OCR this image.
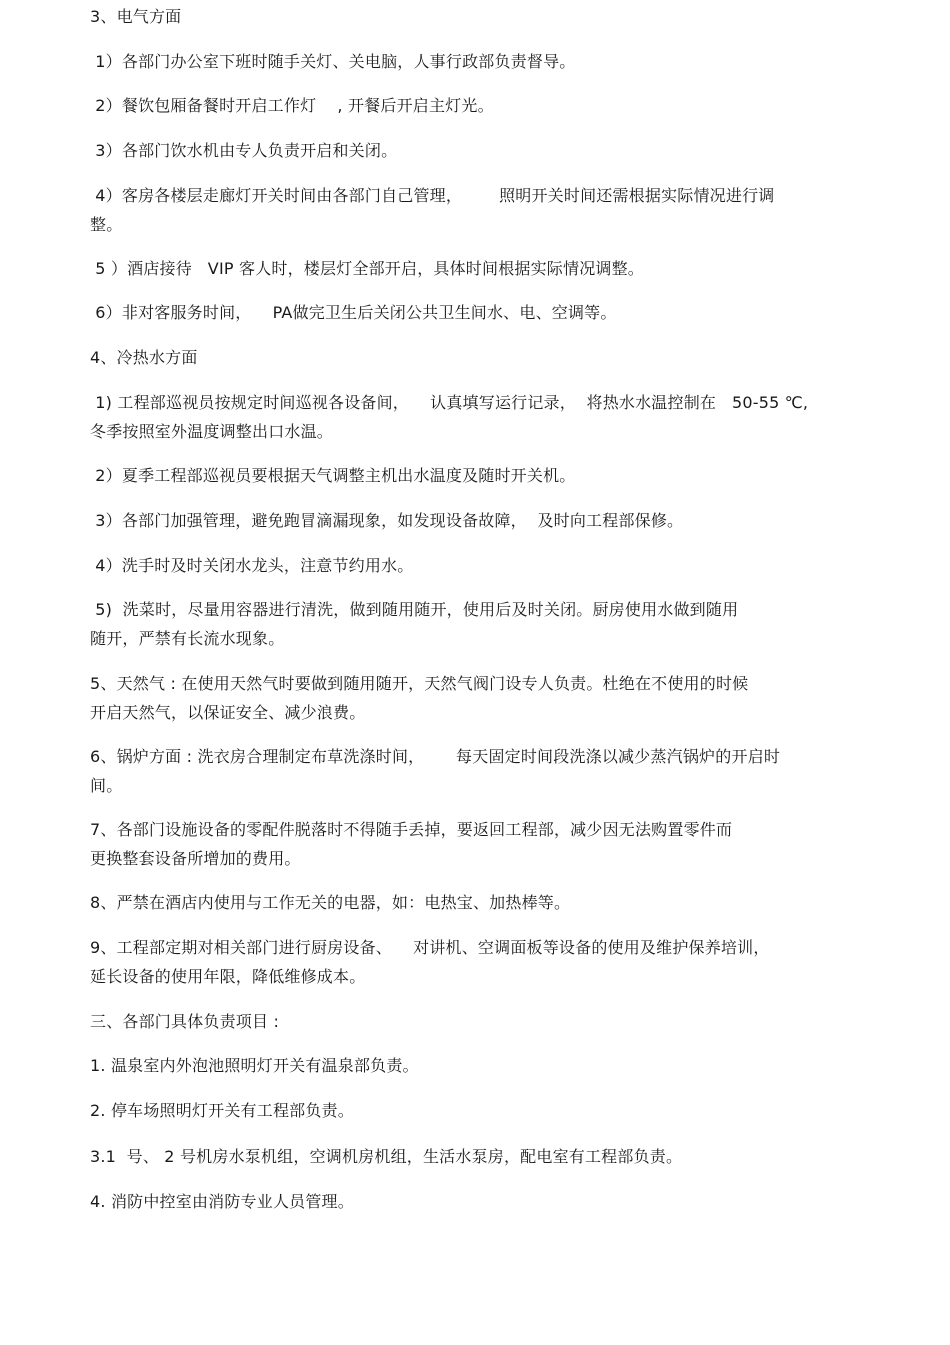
3、电气方面
1）各部门办公室下班时随手关灯、关电脑，人事行政部负责督导。
2）餐饮包厢备餐时开启工作灯    , 开餐后开启主灯光。
3）各部门饮水机由专人负责开启和关闭。
4）客房各楼层走廊灯开关时间由各部门自己管理，       照明开关时间还需根据实际情况进行调
整。
5 ）酒店接待   VIP 客人时，楼层灯全部开启，具体时间根据实际情况调整。
6）非对客服务时间，    PA做完卫生后关闭公共卫生间水、电、空调等。
4、冷热水方面
1) 工程部巡视员按规定时间巡视各设备间，    认真填写运行记录，  将热水水温控制在   50-55 ℃,
冬季按照室外温度调整出口水温。
2）夏季工程部巡视员要根据天气调整主机出水温度及随时开关机。
3）各部门加强管理，避免跑冒滴漏现象，如发现设备故障，  及时向工程部保修。
4）洗手时及时关闭水龙头，注意节约用水。
5)  洗菜时，尽量用容器进行清洗，做到随用随开，使用后及时关闭。厨房使用水做到随用
随开，严禁有长流水现象。
5、天然气 : 在使用天然气时要做到随用随开，天然气阀门设专人负责。杜绝在不使用的时候
开启天然气，以保证安全、减少浪费。
6、锅炉方面 : 洗衣房合理制定布草洗涤时间，      每天固定时间段洗涤以减少蒸汽锅炉的开启时
间。
7、各部门设施设备的零配件脱落时不得随手丢掉，要返回工程部，减少因无法购置零件而
更换整套设备所增加的费用。
8、严禁在酒店内使用与工作无关的电器，如：电热宝、加热棒等。
9、工程部定期对相关部门进行厨房设备、    对讲机、空调面板等设备的使用及维护保养培训，
延长设备的使用年限，降低维修成本。
三、各部门具体负责项目 :
1. 温泉室内外泡池照明灯开关有温泉部负责。
2. 停车场照明灯开关有工程部负责。
3.1  号、 2 号机房水泵机组，空调机房机组，生活水泵房，配电室有工程部负责。
4. 消防中控室由消防专业人员管理。
